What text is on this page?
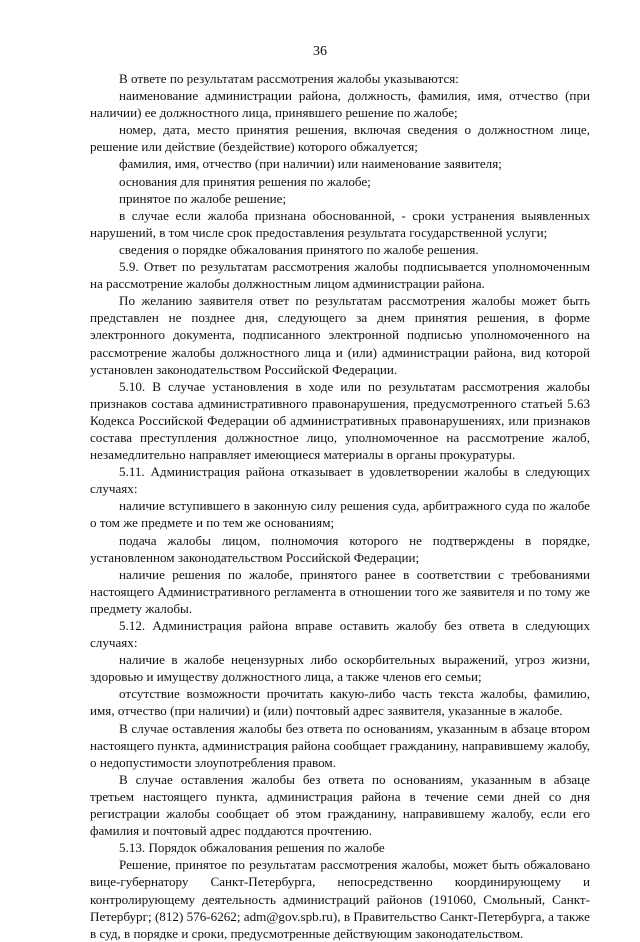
36

В ответе по результатам рассмотрения жалобы указываются:

наименование администрации района, должность, фамилия, имя, отчество (при наличии) ее должностного лица, принявшего решение по жалобе;

номер, дата, место принятия решения, включая сведения о должностном лице, решение или действие (бездействие) которого обжалуется;

фамилия, имя, отчество (при наличии) или наименование заявителя;

основания для принятия решения по жалобе;

принятое по жалобе решение;

в случае если жалоба признана обоснованной, - сроки устранения выявленных нарушений, в том числе срок предоставления результата государственной услуги;

сведения о порядке обжалования принятого по жалобе решения.

5.9. Ответ по результатам рассмотрения жалобы подписывается уполномоченным на рассмотрение жалобы должностным лицом администрации района.

По желанию заявителя ответ по результатам рассмотрения жалобы может быть представлен не позднее дня, следующего за днем принятия решения, в форме электронного документа, подписанного электронной подписью уполномоченного на рассмотрение жалобы должностного лица и (или) администрации района, вид которой установлен законодательством Российской Федерации.

5.10. В случае установления в ходе или по результатам рассмотрения жалобы признаков состава административного правонарушения, предусмотренного статьей 5.63 Кодекса Российской Федерации об административных правонарушениях, или признаков состава преступления должностное лицо, уполномоченное на рассмотрение жалоб, незамедлительно направляет имеющиеся материалы в органы прокуратуры.

5.11. Администрация района отказывает в удовлетворении жалобы в следующих случаях:

наличие вступившего в законную силу решения суда, арбитражного суда по жалобе о том же предмете и по тем же основаниям;

подача жалобы лицом, полномочия которого не подтверждены в порядке, установленном законодательством Российской Федерации;

наличие решения по жалобе, принятого ранее в соответствии с требованиями настоящего Административного регламента в отношении того же заявителя и по тому же предмету жалобы.

5.12. Администрация района вправе оставить жалобу без ответа в следующих случаях:

наличие в жалобе нецензурных либо оскорбительных выражений, угроз жизни, здоровью и имуществу должностного лица, а также членов его семьи;

отсутствие возможности прочитать какую-либо часть текста жалобы, фамилию, имя, отчество (при наличии) и (или) почтовый адрес заявителя, указанные в жалобе.

В случае оставления жалобы без ответа по основаниям, указанным в абзаце втором настоящего пункта, администрация района сообщает гражданину, направившему жалобу, о недопустимости злоупотребления правом.

В случае оставления жалобы без ответа по основаниям, указанным в абзаце третьем настоящего пункта, администрация района в течение семи дней со дня регистрации жалобы сообщает об этом гражданину, направившему жалобу, если его фамилия и почтовый адрес поддаются прочтению.

5.13. Порядок обжалования решения по жалобе

Решение, принятое по результатам рассмотрения жалобы, может быть обжаловано вице-губернатору Санкт-Петербурга, непосредственно координирующему и контролирующему деятельность администраций районов (191060, Смольный, Санкт-Петербург; (812) 576-6262; adm@gov.spb.ru), в Правительство Санкт-Петербурга, а также в суд, в порядке и сроки, предусмотренные действующим законодательством.
